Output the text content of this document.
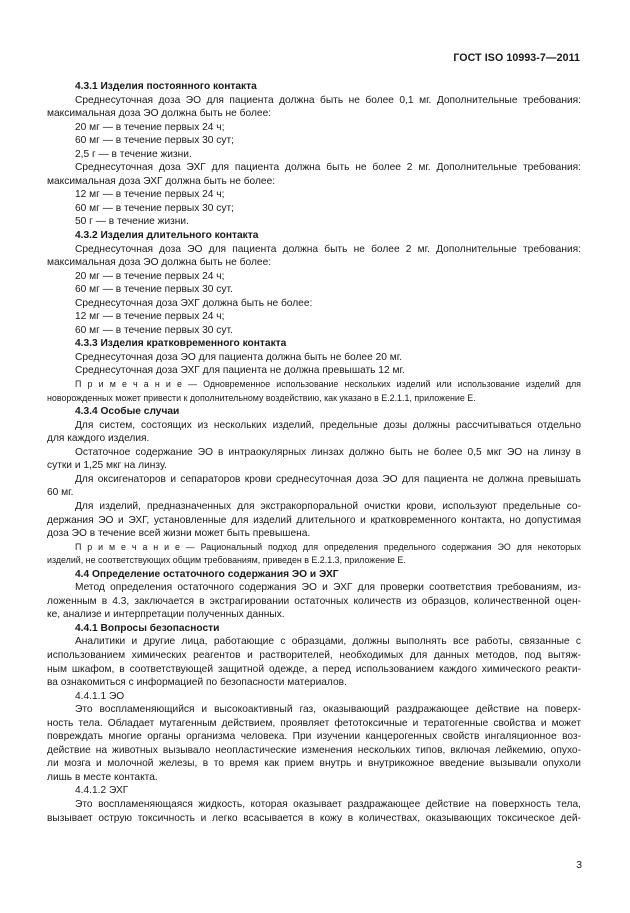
ГОСТ ISO 10993-7—2011
4.3.1 Изделия постоянного контакта
Среднесуточная доза ЭО для пациента должна быть не более 0,1 мг. Дополнительные требования:
максимальная доза ЭО должна быть не более:
20 мг — в течение первых 24 ч;
60 мг — в течение первых 30 сут;
2,5 г — в течение жизни.
Среднесуточная доза ЭХГ для пациента должна быть не более 2 мг. Дополнительные требования:
максимальная доза ЭХГ должна быть не более:
12 мг — в течение первых 24 ч;
60 мг — в течение первых 30 сут;
50 г — в течение жизни.
4.3.2 Изделия длительного контакта
Среднесуточная доза ЭО для пациента должна быть не более 2 мг. Дополнительные требования:
максимальная доза ЭО должна быть не более:
20 мг — в течение первых 24 ч;
60 мг — в течение первых 30 сут.
Среднесуточная доза ЭХГ должна быть не более:
12 мг — в течение первых 24 ч;
60 мг — в течение первых 30 сут.
4.3.3 Изделия кратковременного контакта
Среднесуточная доза ЭО для пациента должна быть не более 20 мг.
Среднесуточная доза ЭХГ для пациента не должна превышать 12 мг.
П р и м е ч а н и е — Одновременное использование нескольких изделий или использование изделий для
новорожденных может привести к дополнительному воздействию, как указано в Е.2.1.1, приложение Е.
4.3.4 Особые случаи
Для систем, состоящих из нескольких изделий, предельные дозы должны рассчитываться отдельно
для каждого изделия.
Остаточное содержание ЭО в интраокулярных линзах должно быть не более 0,5 мкг ЭО на линзу в
сутки и 1,25 мкг на линзу.
Для оксигенаторов и сепараторов крови среднесуточная доза ЭО для пациента не должна превышать
60 мг.
Для изделий, предназначенных для экстракорпоральной очистки крови, используют предельные со-
держания ЭО и ЭХГ, установленные для изделий длительного и кратковременного контакта, но допустимая
доза ЭО в течение всей жизни может быть превышена.
П р и м е ч а н и е — Рациональный подход для определения предельного содержания ЭО для некоторых
изделий, не соответствующих общим требованиям, приведен в Е.2.1.3, приложение Е.
4.4 Определение остаточного содержания ЭО и ЭХГ
Метод определения остаточного содержания ЭО и ЭХГ для проверки соответствия требованиям, из-
ложенным в 4.3, заключается в экстрагировании остаточных количеств из образцов, количественной оцен-
ке, анализе и интерпретации полученных данных.
4.4.1 Вопросы безопасности
Аналитики и другие лица, работающие с образцами, должны выполнять все работы, связанные с
использованием химических реагентов и растворителей, необходимых для данных методов, под вытяж-
ным шкафом, в соответствующей защитной одежде, а перед использованием каждого химического реакти-
ва ознакомиться с информацией по безопасности материалов.
4.4.1.1 ЭО
Это воспламеняющийся и высокоактивный газ, оказывающий раздражающее действие на поверх-
ность тела. Обладает мутагенным действием, проявляет фетотоксичные и тератогенные свойства и может
повреждать многие органы организма человека. При изучении канцерогенных свойств ингаляционное воз-
действие на животных вызывало неопластические изменения нескольких типов, включая лейкемию, опухо-
ли мозга и молочной железы, в то время как прием внутрь и внутрикожное введение вызывали опухоли
лишь в месте контакта.
4.4.1.2 ЭХГ
Это воспламеняющаяся жидкость, которая оказывает раздражающее действие на поверхность тела,
вызывает острую токсичность и легко всасывается в кожу в количествах, оказывающих токсическое дей-
3
